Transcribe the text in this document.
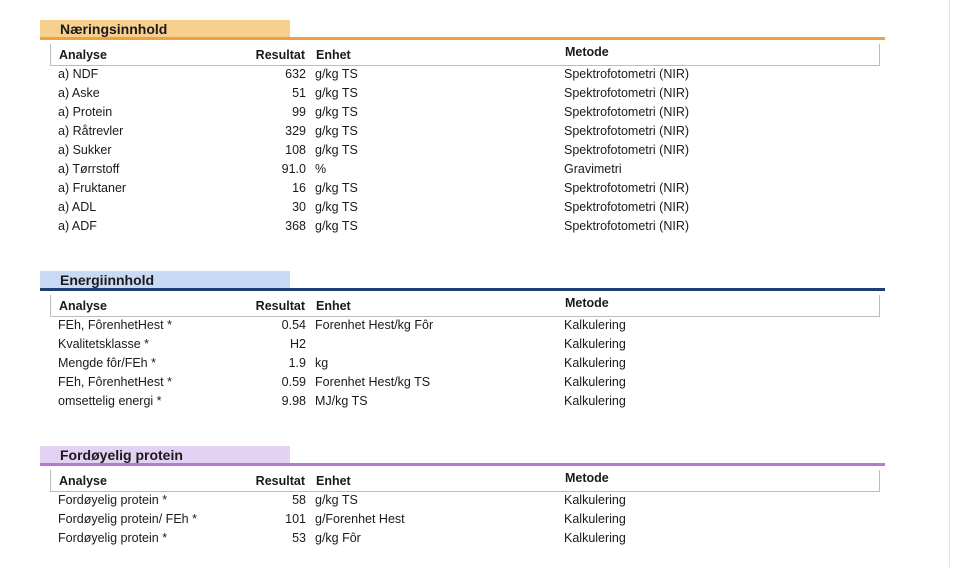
Næringsinnhold
Analyse	Resultat Enhet	Metode
a) NDF	632 g/kg TS	Spektrofotometri (NIR)
a) Aske	51 g/kg TS	Spektrofotometri (NIR)
a) Protein	99 g/kg TS	Spektrofotometri (NIR)
a) Råtrevler	329 g/kg TS	Spektrofotometri (NIR)
a) Sukker	108 g/kg TS	Spektrofotometri (NIR)
a) Tørrstoff	91.0 %	Gravimetri
a) Fruktaner	16 g/kg TS	Spektrofotometri (NIR)
a) ADL	30 g/kg TS	Spektrofotometri (NIR)
a) ADF	368 g/kg TS	Spektrofotometri (NIR)
Energiinnhold
Analyse	Resultat Enhet	Metode
FEh, FôrenhetHest *	0.54 Forenhet Hest/kg Fôr	Kalkulering
Kvalitetsklasse *	H2	Kalkulering
Mengde fôr/FEh *	1.9 kg	Kalkulering
FEh, FôrenhetHest *	0.59 Forenhet Hest/kg TS	Kalkulering
omsettelig energi *	9.98 MJ/kg TS	Kalkulering
Fordøyelig protein
Analyse	Resultat Enhet	Metode
Fordøyelig protein *	58 g/kg TS	Kalkulering
Fordøyelig protein/ FEh *	101 g/Forenhet Hest	Kalkulering
Fordøyelig protein *	53 g/kg Fôr	Kalkulering
